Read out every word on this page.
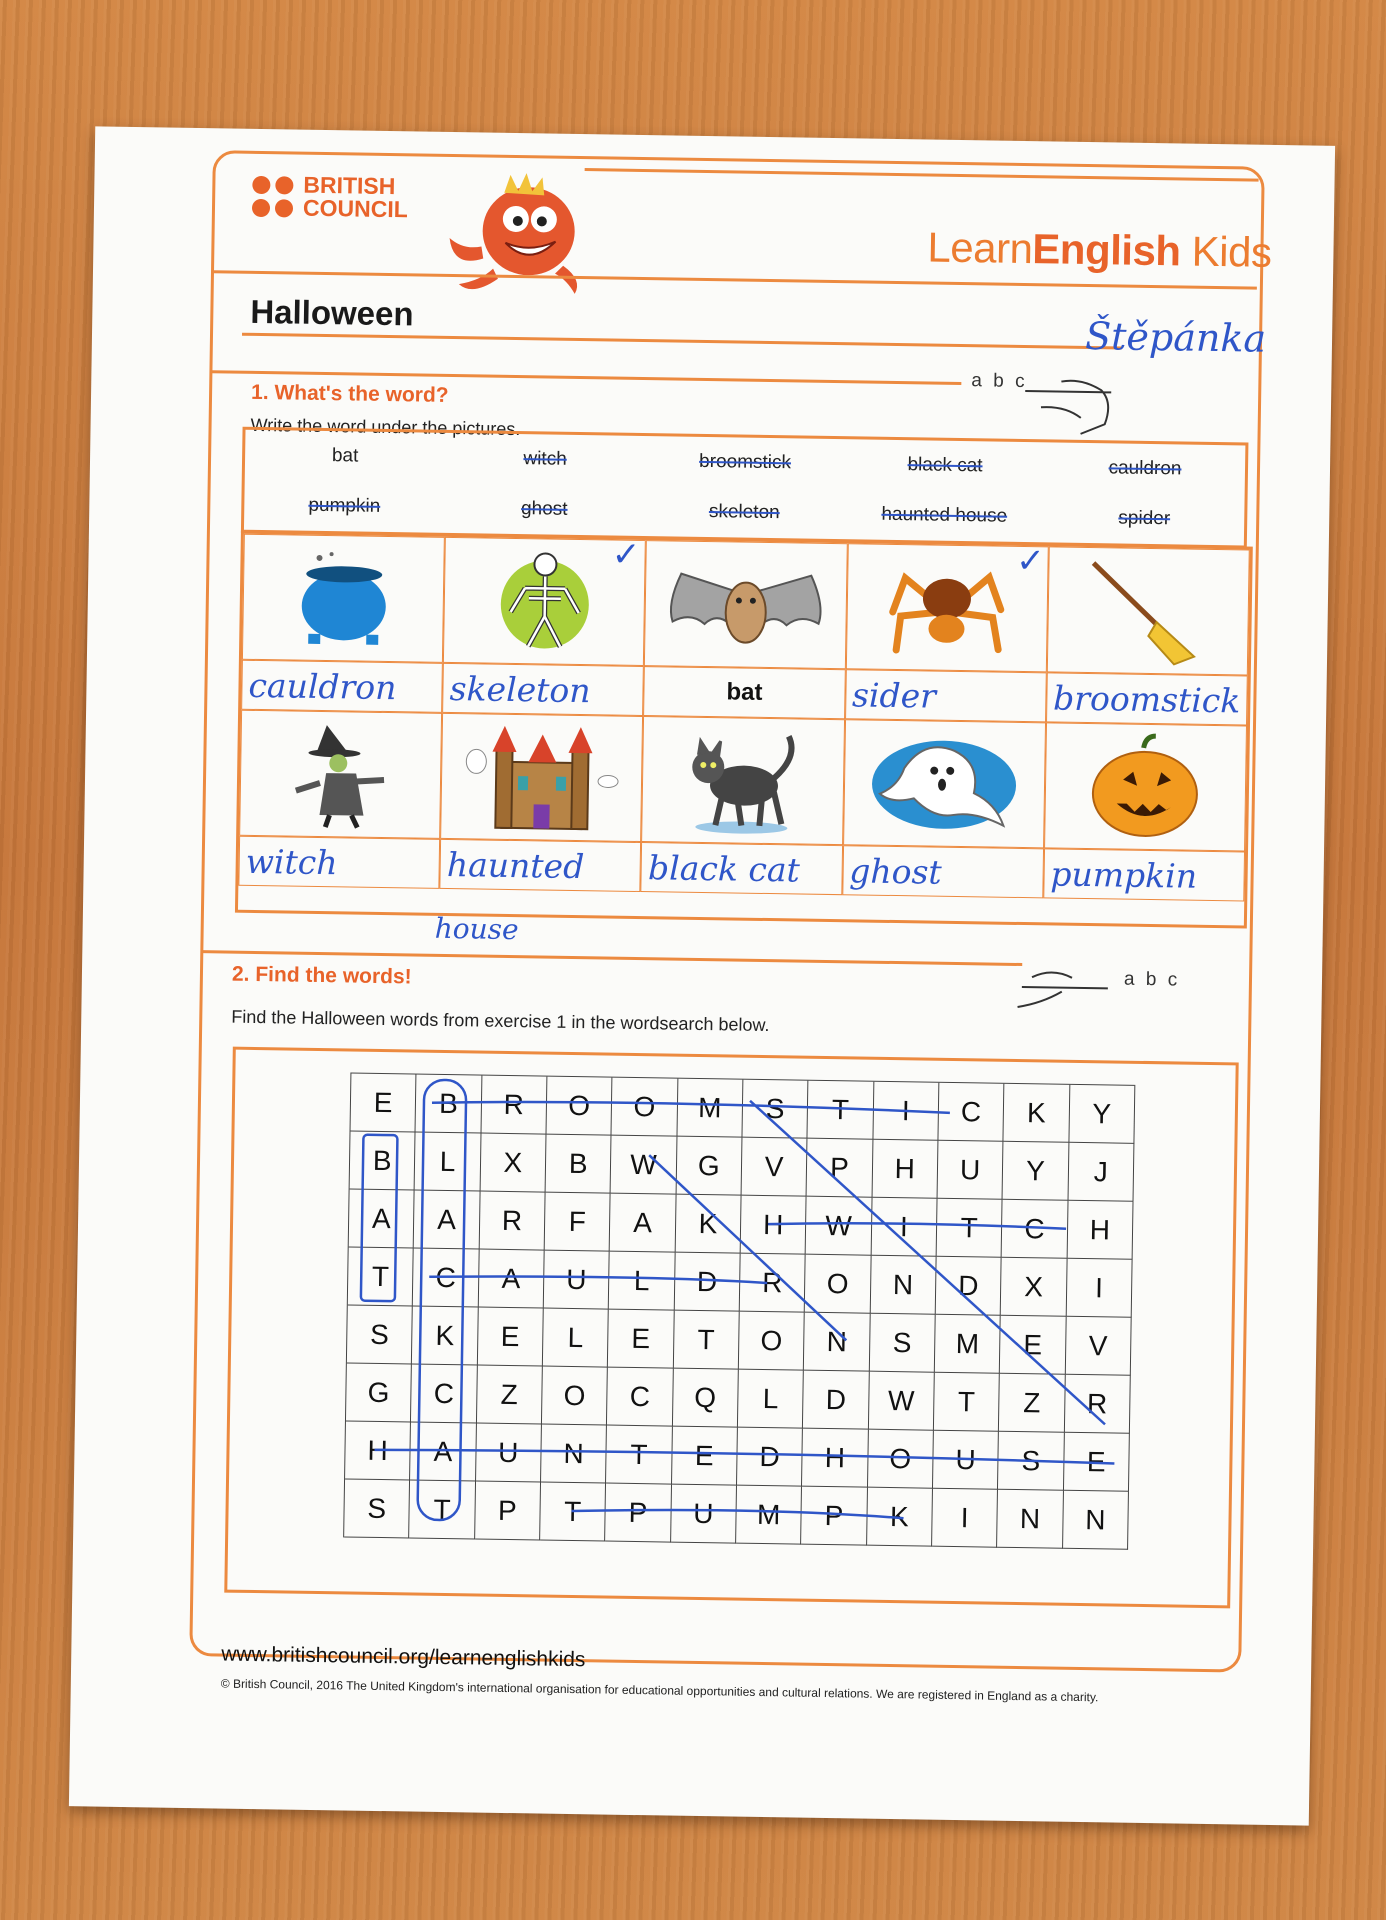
BRITISH
COUNCIL
LearnEnglish Kids
Halloween
Štěpánka
1. What's the word?	a b c
Write the word under the pictures.
bat	witch	broomstick	black cat	cauldron
pumpkin	ghost	skeleton	haunted house	spider
✓	✓
cauldron	skeleton	bat	sider	broomstick
witch	haunted	black cat	ghost	pumpkin
house
2. Find the words!	a b c
Find the Halloween words from exercise 1 in the wordsearch below.
E	B	R	O	O	M	S	T	I	C	K	Y
B	L	X	B	W	G	V	P	H	U	Y	J
A	A	R	F	A	K	H	W	I	T	C	H
T	C	A	U	L	D	R	O	N	D	X	I
S	K	E	L	E	T	O	N	S	M	E	V
G	C	Z	O	C	Q	L	D	W	T	Z	R
H	A	U	N	T	E	D	H	O	U	S	E
S	T	P	T	P	U	M	P	K	I	N	N
www.britishcouncil.org/learnenglishkids
© British Council, 2016 The United Kingdom's international organisation for educational opportunities and cultural relations. We are registered in England as a charity.
